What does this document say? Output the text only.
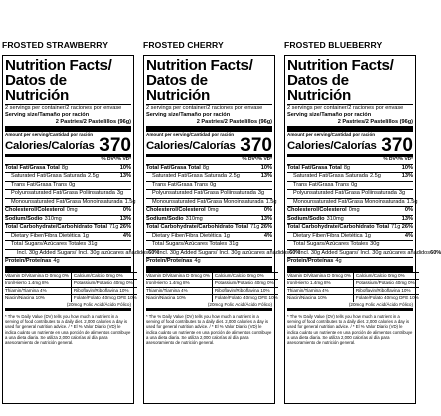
FROSTED STRAWBERRY
Nutrition Facts/
Datos de Nutrición
2 servings per container/2 raciones por envase
Serving size/Tamaño por ración
2 Pastries/2 Pastelillos (96g)
Amount per serving/Cantidad por ración
Calories/Calorías 370
% DV*/% VD*
Total Fat/Grasa Total 8g	10%
Saturated Fat/Grasa Saturada 2.5g	13%
Trans Fat/Grasa Trans 0g
Polyunsaturated Fat/Grasa Poliinsaturada 3g
Monounsaturated Fat/Grasa Monoinsaturada 1.5g
Cholesterol/Colesterol 0mg	0%
Sodium/Sodio 310mg	13%
Total Carbohydrate/Carbohidrato Total 71g 26%
Dietary Fiber/Fibra Dietética 1g	4%
Total Sugars/Azúcares Totales 31g
Incl. 30g Added Sugars/ Incl. 30g azúcares añadidos 60%
Protein/Proteínas 4g
Vitamin D/Vitamina D 0mcg 0%	Calcium/Calcio 0mg 0%
Iron/Hierro 1.4mg 8%	Potassium/Potasio 40mg 0%
Thiamin/Tiamina 4%	Riboflavin/Riboflavina 10%
Niacin/Niacina 10%	Folate/Folato 40mcg DFE 10%
(20mcg Folic Acid/Ácido Fólico)
* The % Daily Value (DV) tells you how much a nutrient in a serving of food contributes to a daily diet. 2,000 calories a day is used for general nutrition advice. / * El % Valor Diario (VD) le indica cuánto un nutriente en una porción de alimentos contribuye a una dieta diaria. Se utiliza 2,000 calorías al día para asesoramiento de nutrición general.
FROSTED CHERRY
Nutrition Facts/
Datos de Nutrición
2 servings per container/2 raciones por envase
Serving size/Tamaño por ración
2 Pastries/2 Pastelillos (96g)
Amount per serving/Cantidad por ración
Calories/Calorías 370
% DV*/% VD*
Total Fat/Grasa Total 8g	10%
Saturated Fat/Grasa Saturada 2.5g	13%
Trans Fat/Grasa Trans 0g
Polyunsaturated Fat/Grasa Poliinsaturada 3g
Monounsaturated Fat/Grasa Monoinsaturada 1.5g
Cholesterol/Colesterol 0mg	0%
Sodium/Sodio 310mg	13%
Total Carbohydrate/Carbohidrato Total 71g 26%
Dietary Fiber/Fibra Dietética 1g	4%
Total Sugars/Azúcares Totales 31g
Incl. 30g Added Sugars/ Incl. 30g azúcares añadidos 60%
Protein/Proteínas 4g
Vitamin D/Vitamina D 0mcg 0%	Calcium/Calcio 0mg 0%
Iron/Hierro 1.4mg 8%	Potassium/Potasio 40mg 0%
Thiamin/Tiamina 4%	Riboflavin/Riboflavina 10%
Niacin/Niacina 10%	Folate/Folato 40mcg DFE 10%
(20mcg Folic Acid/Ácido Fólico)
* The % Daily Value (DV) tells you how much a nutrient in a serving of food contributes to a daily diet. 2,000 calories a day is used for general nutrition advice. / * El % Valor Diario (VD) le indica cuánto un nutriente en una porción de alimentos contribuye a una dieta diaria. Se utiliza 2,000 calorías al día para asesoramiento de nutrición general.
FROSTED BLUEBERRY
Nutrition Facts/
Datos de Nutrición
2 servings per container/2 raciones por envase
Serving size/Tamaño por ración
2 Pastries/2 Pastelillos (96g)
Amount per serving/Cantidad por ración
Calories/Calorías 370
% DV*/% VD*
Total Fat/Grasa Total 8g	10%
Saturated Fat/Grasa Saturada 2.5g	13%
Trans Fat/Grasa Trans 0g
Polyunsaturated Fat/Grasa Poliinsaturada 3g
Monounsaturated Fat/Grasa Monoinsaturada 1.5g
Cholesterol/Colesterol 0mg	0%
Sodium/Sodio 310mg	13%
Total Carbohydrate/Carbohidrato Total 71g 26%
Dietary Fiber/Fibra Dietética 1g	4%
Total Sugars/Azúcares Totales 30g
Incl. 30g Added Sugars/ Incl. 30g azúcares añadidos 60%
Protein/Proteínas 4g
Vitamin D/Vitamina D 0mcg 0%	Calcium/Calcio 0mg 0%
Iron/Hierro 1.4mg 8%	Potassium/Potasio 40mg 0%
Thiamin/Tiamina 4%	Riboflavin/Riboflavina 10%
Niacin/Niacina 10%	Folate/Folato 40mcg DFE 10%
(20mcg Folic Acid/Ácido Fólico)
* The % Daily Value (DV) tells you how much a nutrient in a serving of food contributes to a daily diet. 2,000 calories a day is used for general nutrition advice. / * El % Valor Diario (VD) le indica cuánto un nutriente en una porción de alimentos contribuye a una dieta diaria. Se utiliza 2,000 calorías al día para asesoramiento de nutrición general.
